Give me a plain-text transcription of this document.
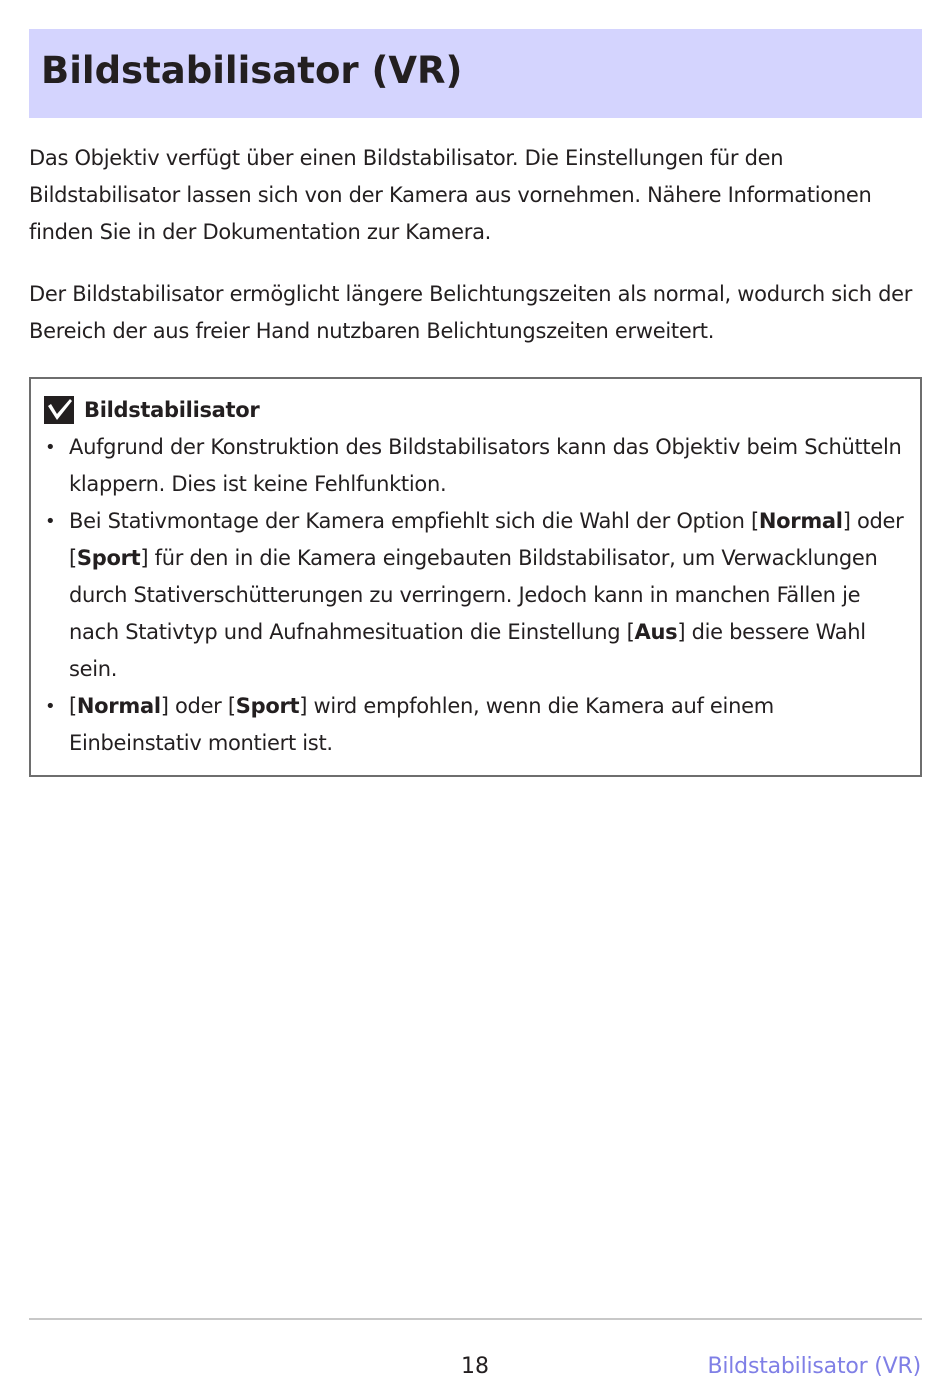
Bildstabilisator (VR)

Das Objektiv verfügt über einen Bildstabilisator. Die Einstellungen für den Bildstabilisator lassen sich von der Kamera aus vornehmen. Nähere Informationen finden Sie in der Dokumentation zur Kamera.

Der Bildstabilisator ermöglicht längere Belichtungszeiten als normal, wodurch sich der Bereich der aus freier Hand nutzbaren Belichtungszeiten erweitert.

Bildstabilisator
• Aufgrund der Konstruktion des Bildstabilisators kann das Objektiv beim Schütteln klappern. Dies ist keine Fehlfunktion.
• Bei Stativmontage der Kamera empfiehlt sich die Wahl der Option [Normal] oder [Sport] für den in die Kamera eingebauten Bildstabilisator, um Verwacklungen durch Stativerschütterungen zu verringern. Jedoch kann in manchen Fällen je nach Stativtyp und Aufnahmesituation die Einstellung [Aus] die bessere Wahl sein.
• [Normal] oder [Sport] wird empfohlen, wenn die Kamera auf einem Einbeinstativ montiert ist.
18	Bildstabilisator (VR)
